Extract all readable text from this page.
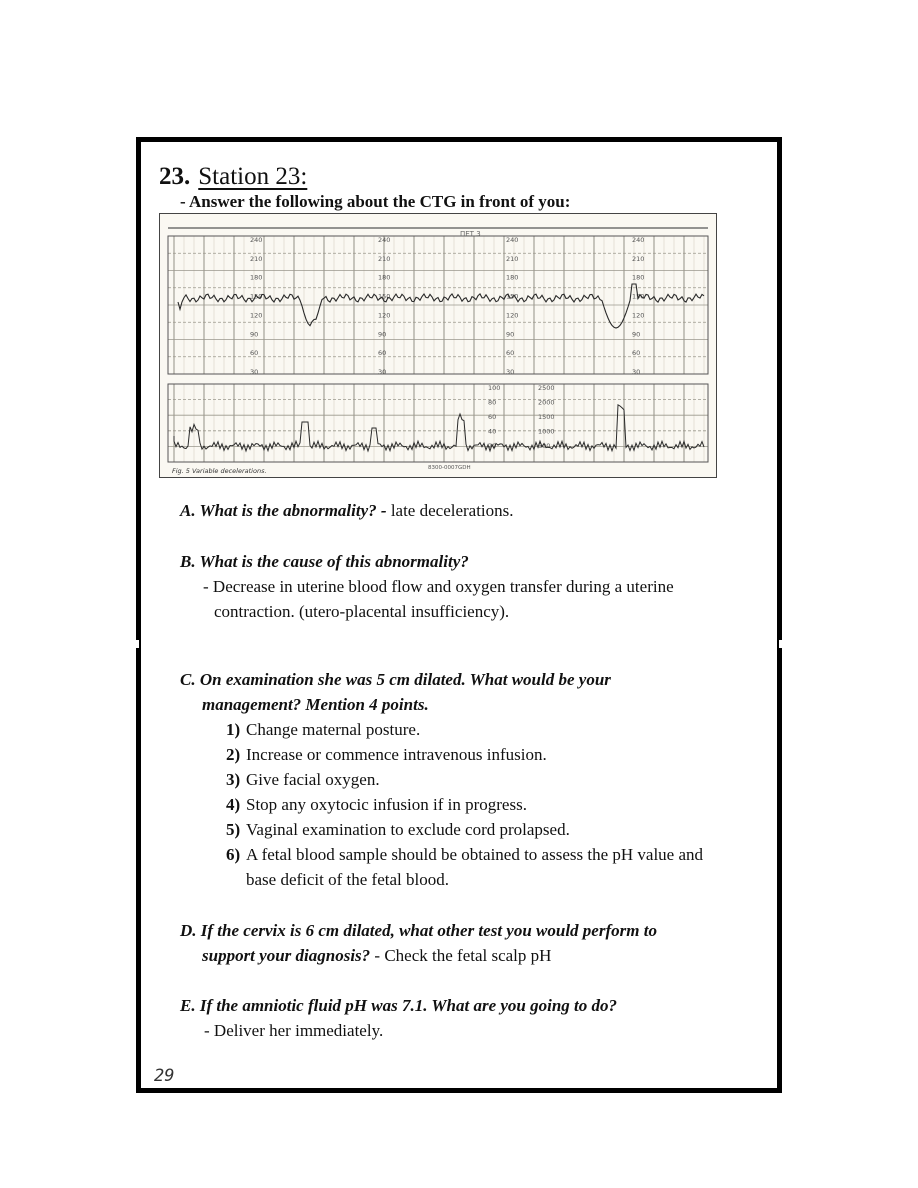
23. Station 23:
- Answer the following about the CTG in front of you:
240
210
180
150
120
90
60
30
240
210
180
150
120
90
60
30
240
210
180
150
120
90
60
30
240
210
180
150
120
90
60
30
100
80
60
40
20
2500
2000
1500
1000
500
ПЕТ 3
Fig. 5 Variable decelerations.	8300-0007GDH
A. What is the abnormality? - late decelerations.
B. What is the cause of this abnormality?
- Decrease in uterine blood flow and oxygen transfer during a uterine
contraction. (utero-placental insufficiency).
C. On examination she was 5 cm dilated. What would be your
management? Mention 4 points.
1) Change maternal posture.
2) Increase or commence intravenous infusion.
3) Give facial oxygen.
4) Stop any oxytocic infusion if in progress.
5) Vaginal examination to exclude cord prolapsed.
6) A fetal blood sample should be obtained to assess the pH value and
base deficit of the fetal blood.
D. If the cervix is 6 cm dilated, what other test you would perform to
support your diagnosis? - Check the fetal scalp pH
E. If the amniotic fluid pH was 7.1. What are you going to do?
- Deliver her immediately.
29
